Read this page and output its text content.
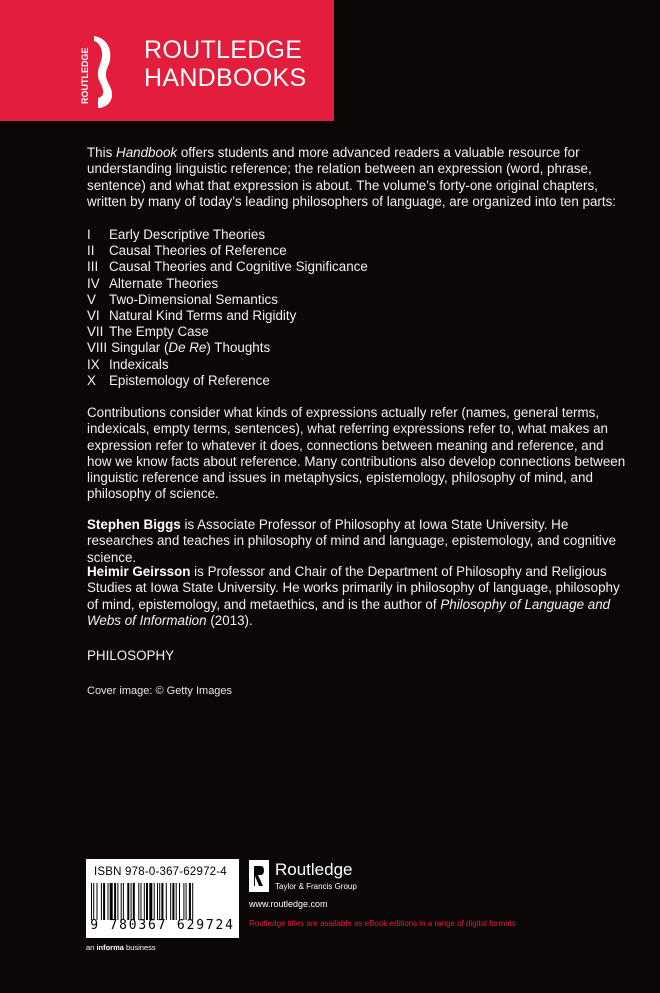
ROUTLEDGE ROUTLEDGE
HANDBOOKS
This Handbook offers students and more advanced readers a valuable resource for understanding linguistic reference; the relation between an expression (word, phrase, sentence) and what that expression is about. The volume’s forty-one original chapters, written by many of today’s leading philosophers of language, are organized into ten parts:
I	Early Descriptive Theories
II	Causal Theories of Reference
III Causal Theories and Cognitive Significance
IV Alternate Theories
V Two-Dimensional Semantics
VI Natural Kind Terms and Rigidity
VII The Empty Case
VIII Singular (De Re) Thoughts
IX Indexicals
X Epistemology of Reference
Contributions consider what kinds of expressions actually refer (names, general terms, indexicals, empty terms, sentences), what referring expressions refer to, what makes an expression refer to whatever it does, connections between meaning and reference, and how we know facts about reference. Many contributions also develop connections between linguistic reference and issues in metaphysics, epistemology, philosophy of mind, and philosophy of science.
Stephen Biggs is Associate Professor of Philosophy at Iowa State University. He researches and teaches in philosophy of mind and language, epistemology, and cognitive science.
Heimir Geirsson is Professor and Chair of the Department of Philosophy and Religious Studies at Iowa State University. He works primarily in philosophy of language, philosophy of mind, epistemology, and metaethics, and is the author of Philosophy of Language and Webs of Information (2013).
PHILOSOPHY
Cover image: © Getty Images
ISBN 978-0-367-62972-4
9 780367 629724
an informa business
Routledge
Taylor & Francis Group
www.routledge.com
Routledge titles are available as eBook editions in a range of digital formats
